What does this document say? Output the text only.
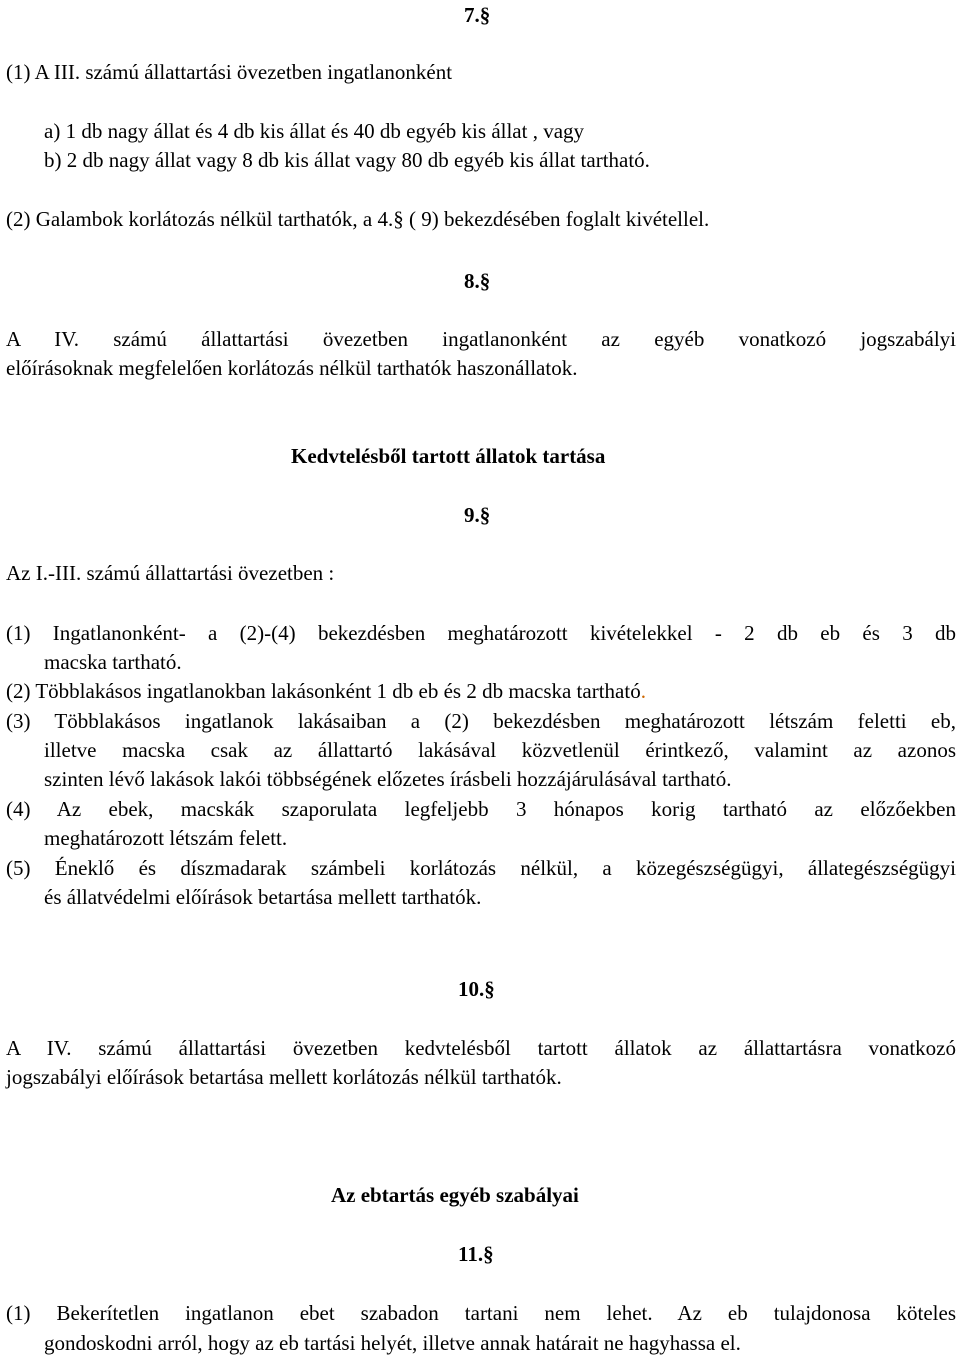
7.§
(1) A III. számú állattartási övezetben ingatlanonként
a) 1 db nagy állat és 4 db kis állat és 40 db egyéb kis állat , vagy
b) 2 db nagy állat vagy 8 db kis állat vagy 80 db egyéb kis állat tartható.
(2) Galambok korlátozás nélkül tarthatók, a 4.§ ( 9) bekezdésében foglalt kivétellel.
8.§
A IV. számú állattartási övezetben ingatlanonként az egyéb vonatkozó jogszabályi
előírásoknak megfelelően korlátozás nélkül tarthatók haszonállatok.
Kedvtelésből tartott állatok tartása
9.§
Az I.-III. számú állattartási övezetben :
(1) Ingatlanonként- a (2)-(4) bekezdésben meghatározott kivételekkel - 2 db eb és 3 db
macska tartható.
(2) Többlakásos ingatlanokban lakásonként 1 db eb és 2 db macska tartható.
(3) Többlakásos ingatlanok lakásaiban a (2) bekezdésben meghatározott létszám feletti eb,
illetve macska csak az állattartó lakásával közvetlenül érintkező, valamint az azonos
szinten lévő lakások lakói többségének előzetes írásbeli hozzájárulásával tartható.
(4) Az ebek, macskák szaporulata legfeljebb 3 hónapos korig tartható az előzőekben
meghatározott létszám felett.
(5) Éneklő és díszmadarak számbeli korlátozás nélkül, a közegészségügyi, állategészségügyi
és állatvédelmi előírások betartása mellett tarthatók.
10.§
A IV. számú állattartási övezetben kedvtelésből tartott állatok az állattartásra vonatkozó
jogszabályi előírások betartása mellett korlátozás nélkül tarthatók.
Az ebtartás egyéb szabályai
11.§
(1) Bekerítetlen ingatlanon ebet szabadon tartani nem lehet. Az eb tulajdonosa köteles
gondoskodni arról, hogy az eb tartási helyét, illetve annak határait ne hagyhassa el.
